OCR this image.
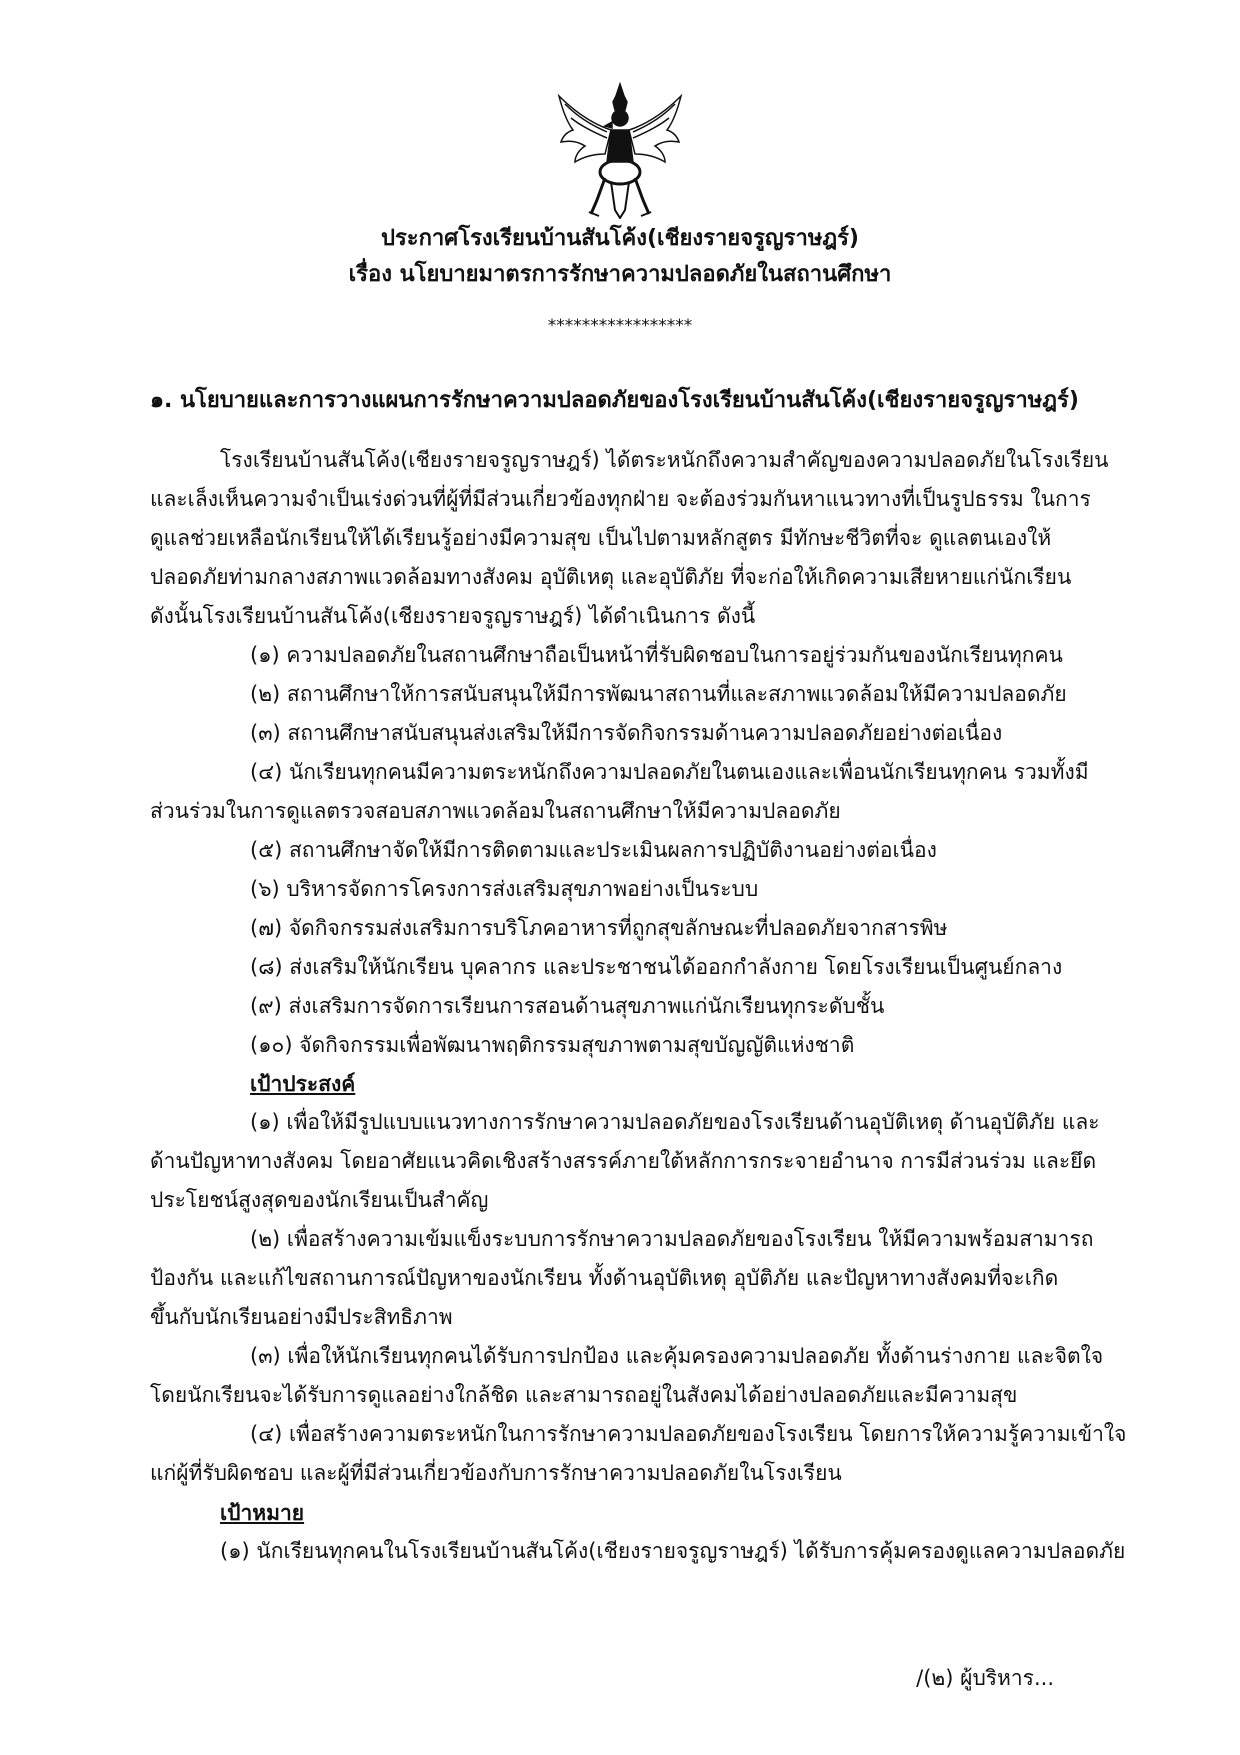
ประกาศโรงเรียนบ้านสันโค้ง(เชียงรายจรูญราษฎร์)
เรื่อง นโยบายมาตรการรักษาความปลอดภัยในสถานศึกษา
*****************
๑. นโยบายและการวางแผนการรักษาความปลอดภัยของโรงเรียนบ้านสันโค้ง(เชียงรายจรูญราษฎร์)
โรงเรียนบ้านสันโค้ง(เชียงรายจรูญราษฎร์) ได้ตระหนักถึงความสำคัญของความปลอดภัยในโรงเรียน
และเล็งเห็นความจำเป็นเร่งด่วนที่ผู้ที่มีส่วนเกี่ยวข้องทุกฝ่าย จะต้องร่วมกันหาแนวทางที่เป็นรูปธรรม ในการ
ดูแลช่วยเหลือนักเรียนให้ได้เรียนรู้อย่างมีความสุข เป็นไปตามหลักสูตร มีทักษะชีวิตที่จะ ดูแลตนเองให้
ปลอดภัยท่ามกลางสภาพแวดล้อมทางสังคม อุบัติเหตุ และอุบัติภัย ที่จะก่อให้เกิดความเสียหายแก่นักเรียน
ดังนั้นโรงเรียนบ้านสันโค้ง(เชียงรายจรูญราษฎร์) ได้ดำเนินการ ดังนี้
(๑) ความปลอดภัยในสถานศึกษาถือเป็นหน้าที่รับผิดชอบในการอยู่ร่วมกันของนักเรียนทุกคน
(๒) สถานศึกษาให้การสนับสนุนให้มีการพัฒนาสถานที่และสภาพแวดล้อมให้มีความปลอดภัย
(๓) สถานศึกษาสนับสนุนส่งเสริมให้มีการจัดกิจกรรมด้านความปลอดภัยอย่างต่อเนื่อง
(๔) นักเรียนทุกคนมีความตระหนักถึงความปลอดภัยในตนเองและเพื่อนนักเรียนทุกคน รวมทั้งมี
ส่วนร่วมในการดูแลตรวจสอบสภาพแวดล้อมในสถานศึกษาให้มีความปลอดภัย
(๕) สถานศึกษาจัดให้มีการติดตามและประเมินผลการปฏิบัติงานอย่างต่อเนื่อง
(๖) บริหารจัดการโครงการส่งเสริมสุขภาพอย่างเป็นระบบ
(๗) จัดกิจกรรมส่งเสริมการบริโภคอาหารที่ถูกสุขลักษณะที่ปลอดภัยจากสารพิษ
(๘) ส่งเสริมให้นักเรียน บุคลากร และประชาชนได้ออกกำลังกาย โดยโรงเรียนเป็นศูนย์กลาง
(๙) ส่งเสริมการจัดการเรียนการสอนด้านสุขภาพแก่นักเรียนทุกระดับชั้น
(๑๐) จัดกิจกรรมเพื่อพัฒนาพฤติกรรมสุขภาพตามสุขบัญญัติแห่งชาติ
เป้าประสงค์
(๑) เพื่อให้มีรูปแบบแนวทางการรักษาความปลอดภัยของโรงเรียนด้านอุบัติเหตุ ด้านอุบัติภัย และ
ด้านปัญหาทางสังคม โดยอาศัยแนวคิดเชิงสร้างสรรค์ภายใต้หลักการกระจายอำนาจ การมีส่วนร่วม และยึด
ประโยชน์สูงสุดของนักเรียนเป็นสำคัญ
(๒) เพื่อสร้างความเข้มแข็งระบบการรักษาความปลอดภัยของโรงเรียน ให้มีความพร้อมสามารถ
ป้องกัน และแก้ไขสถานการณ์ปัญหาของนักเรียน ทั้งด้านอุบัติเหตุ อุบัติภัย และปัญหาทางสังคมที่จะเกิด
ขึ้นกับนักเรียนอย่างมีประสิทธิภาพ
(๓) เพื่อให้นักเรียนทุกคนได้รับการปกป้อง และคุ้มครองความปลอดภัย ทั้งด้านร่างกาย และจิตใจ
โดยนักเรียนจะได้รับการดูแลอย่างใกล้ชิด และสามารถอยู่ในสังคมได้อย่างปลอดภัยและมีความสุข
(๔) เพื่อสร้างความตระหนักในการรักษาความปลอดภัยของโรงเรียน โดยการให้ความรู้ความเข้าใจ
แก่ผู้ที่รับผิดชอบ และผู้ที่มีส่วนเกี่ยวข้องกับการรักษาความปลอดภัยในโรงเรียน
เป้าหมาย
(๑) นักเรียนทุกคนในโรงเรียนบ้านสันโค้ง(เชียงรายจรูญราษฎร์) ได้รับการคุ้มครองดูแลความปลอดภัย
/(๒) ผู้บริหาร...
